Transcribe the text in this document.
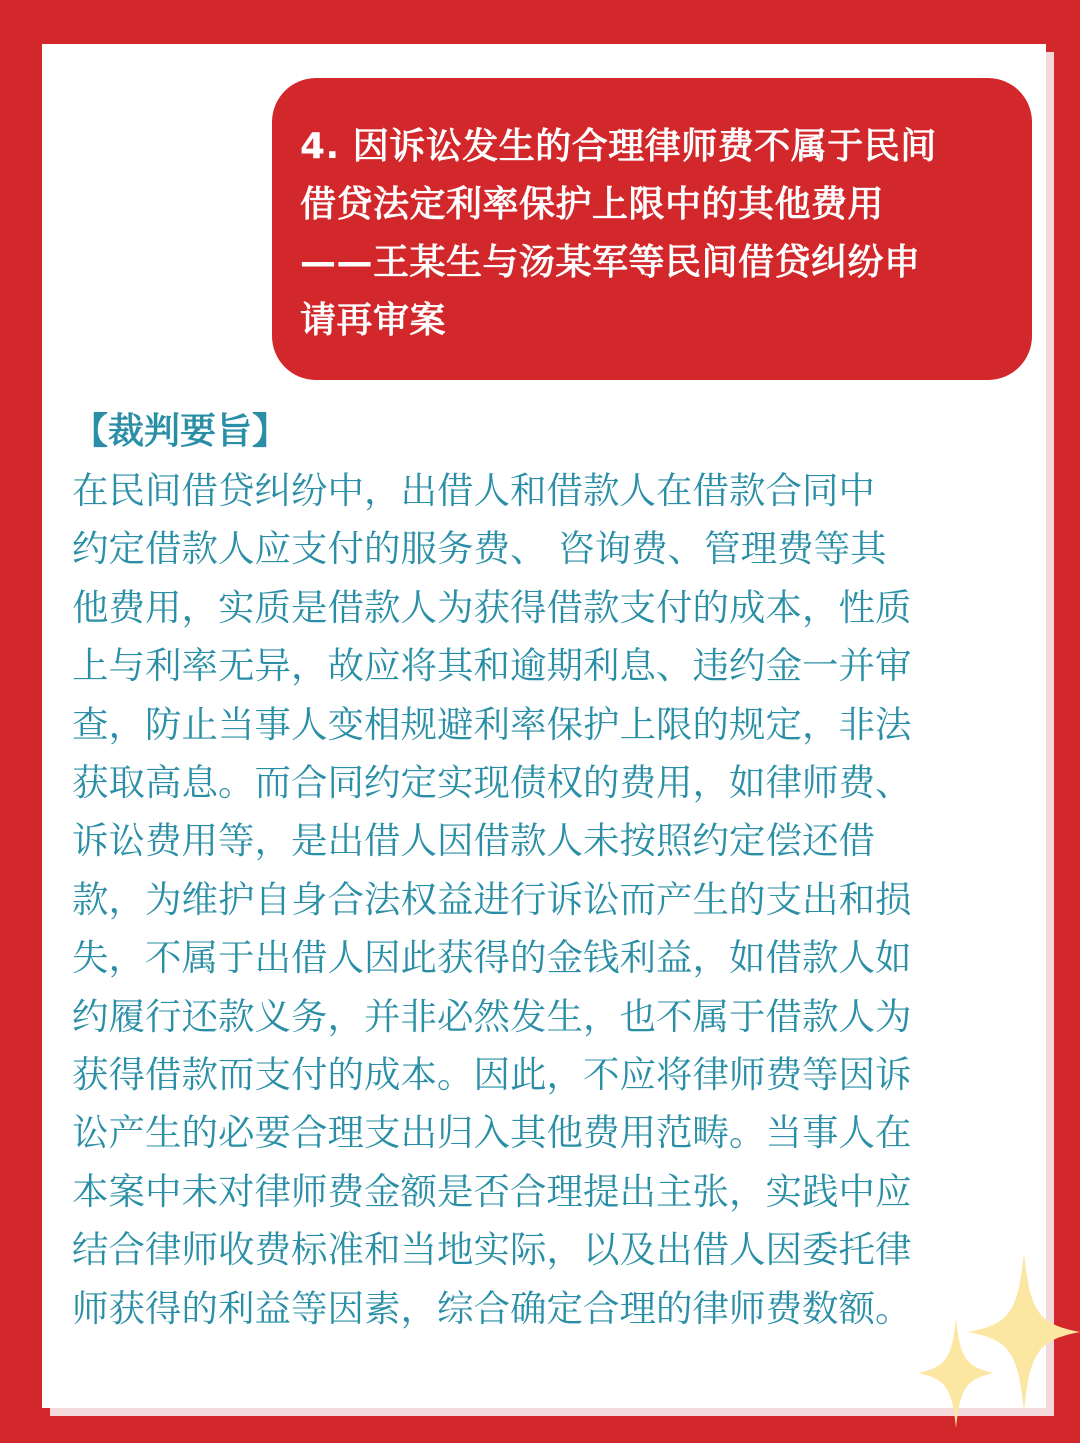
4. 因诉讼发生的合理律师费不属于民间
借贷法定利率保护上限中的其他费用
——王某生与汤某军等民间借贷纠纷申
请再审案

【裁判要旨】

在民间借贷纠纷中，出借人和借款人在借款合同中
约定借款人应支付的服务费、 咨询费、管理费等其
他费用，实质是借款人为获得借款支付的成本，性质
上与利率无异，故应将其和逾期利息、违约金一并审
查，防止当事人变相规避利率保护上限的规定，非法
获取高息。而合同约定实现债权的费用，如律师费、
诉讼费用等，是出借人因借款人未按照约定偿还借
款，为维护自身合法权益进行诉讼而产生的支出和损
失，不属于出借人因此获得的金钱利益，如借款人如
约履行还款义务，并非必然发生，也不属于借款人为
获得借款而支付的成本。因此，不应将律师费等因诉
讼产生的必要合理支出归入其他费用范畴。当事人在
本案中未对律师费金额是否合理提出主张，实践中应
结合律师收费标准和当地实际，以及出借人因委托律
师获得的利益等因素，综合确定合理的律师费数额。
